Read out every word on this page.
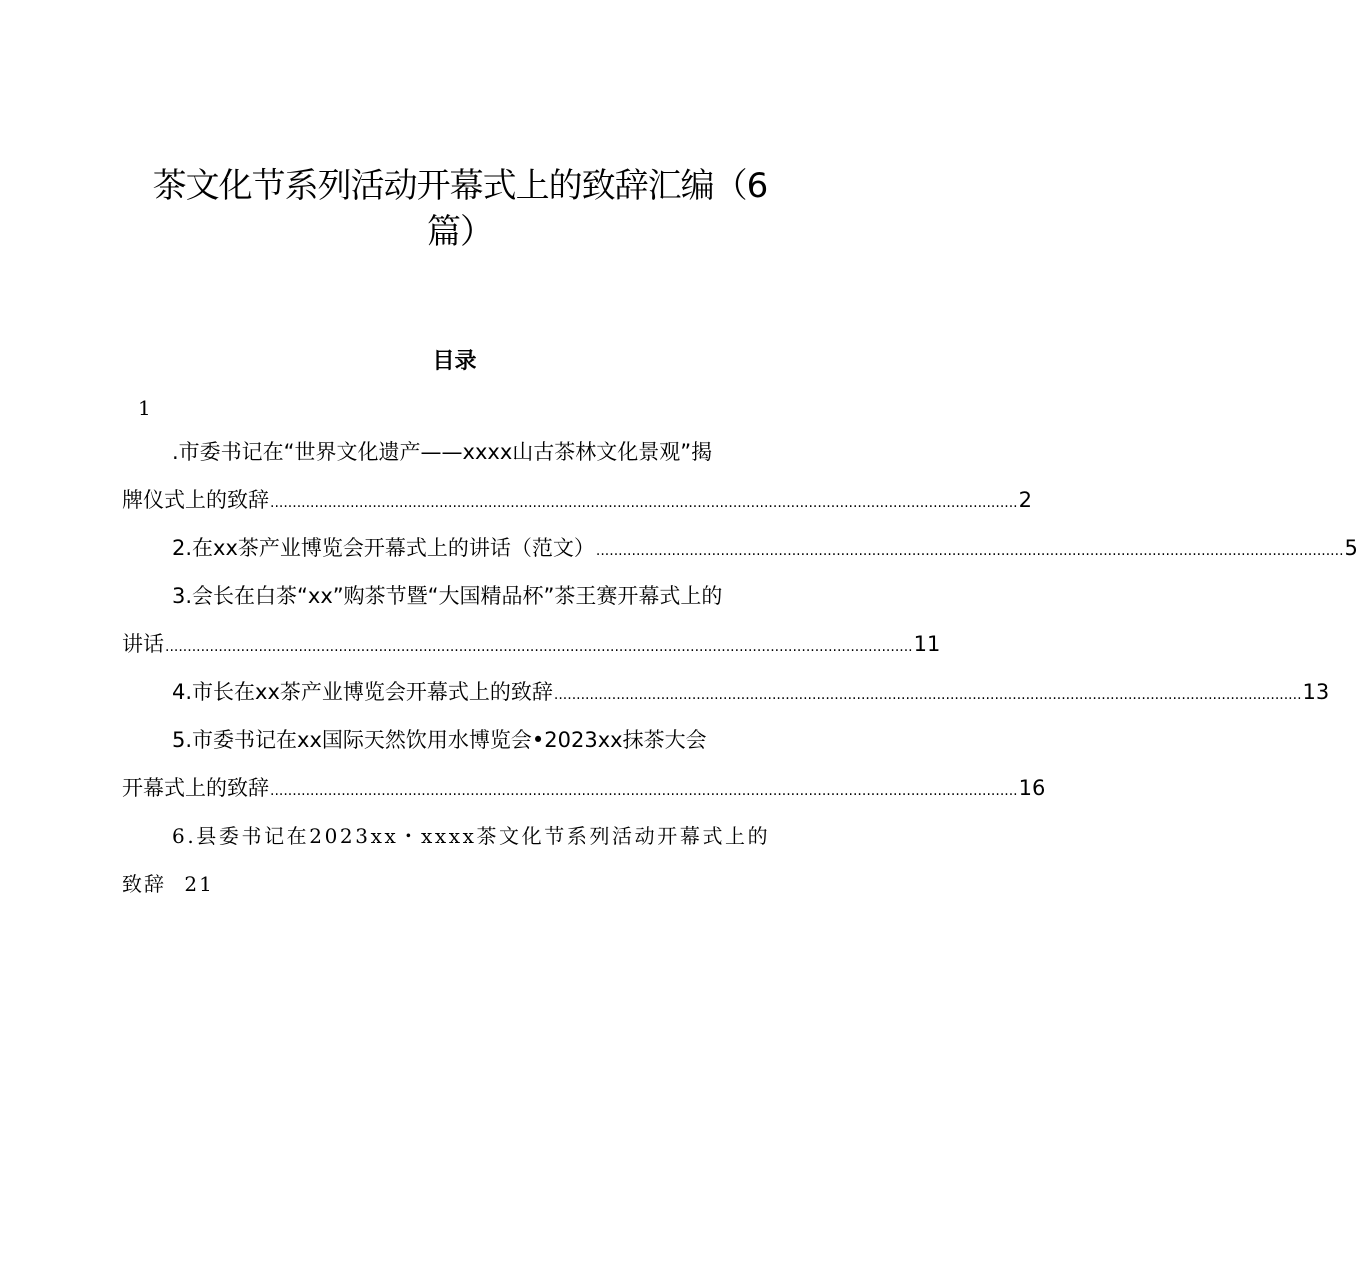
茶文化节系列活动开幕式上的致辞汇编（6
篇）
目录
1
.市委书记在“世界文化遗产——xxxx山古茶林文化景观”揭
牌仪式上的致辞 ........................................................................................................................................................................ 2
2.在xx茶产业博览会开幕式上的讲话（范文） ........................................................................................................................................................................ 5
3.会长在白茶“xx”购茶节暨“大国精品杯”茶王赛开幕式上的
讲话 ........................................................................................................................................................................ 11
4.市长在xx茶产业博览会开幕式上的致辞 ........................................................................................................................................................................ 13
5.市委书记在xx国际天然饮用水博览会•2023xx抹茶大会
开幕式上的致辞 ........................................................................................................................................................................ 16
6.县委书记在2023xx・xxxx茶文化节系列活动开幕式上的
致辞 21
